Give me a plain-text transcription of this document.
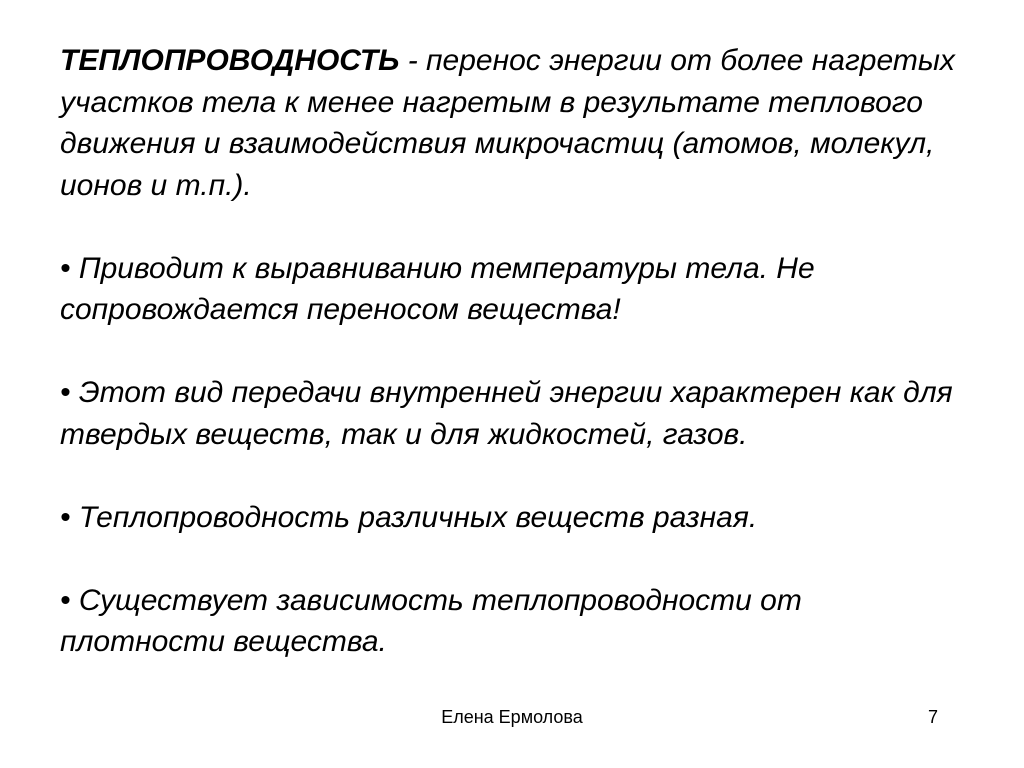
ТЕПЛОПРОВОДНОСТЬ - перенос энергии от более нагретых участков тела к менее нагретым в результате теплового движения и взаимодействия микрочастиц (атомов, молекул, ионов и т.п.).

• Приводит к выравниванию температуры тела. Не сопровождается переносом вещества!

• Этот вид передачи внутренней энергии характерен как для твердых веществ, так и для жидкостей, газов.

• Теплопроводность различных веществ разная.

• Существует зависимость теплопроводности от плотности вещества.

Елена Ермолова	7
